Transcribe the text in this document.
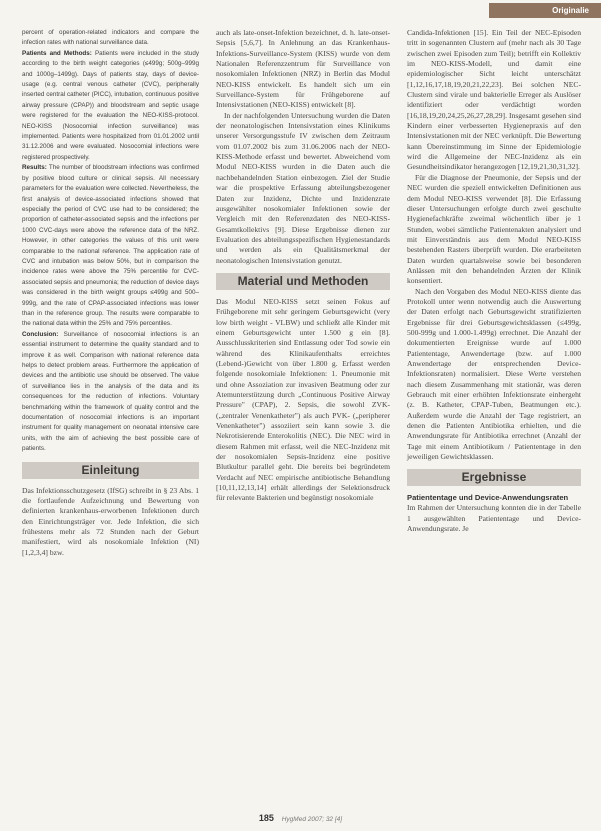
Originalie
percent of operation-related indicators and compare the infection rates with national surveillance data.
Patients and Methods: Patients were included in the study according to the birth weight categories (≤499g; 500g–999g and 1000g–1499g). Days of patients stay, days of device-usage (e.g. central venous catheter (CVC), peripherally inserted central catheter (PICC), intubation, continuous positive airway pressure (CPAP)) and bloodstream and septic usage were registered for the evaluation the NEO-KISS-protocol. NEO-KISS (Nosocomial infection surveillance) was implemented. Patients were hospitalized from 01.01.2002 until 31.12.2006 and were evaluated. Nosocomial infections were registered prospectively.
Results: The number of bloodstream infections was confirmed by positive blood culture or clinical sepsis. All necessary parameters for the evaluation were collected. Nevertheless, the first analysis of device-associated infections showed that especially the period of CVC use had to be considered; the proportion of catheter-associated sepsis and the infections per 1000 CVC-days were above the reference data of the NRZ. However, in other categories the values of this unit were comparable to the national reference. The application rate of CVC and intubation was below 50%, but in comparison the incidence rates were above the 75% percentile for CVC-associated sepsis and pneumonia; the reduction of device days was considered in the birth weight groups ≤499g and 500–999g, and the rate of CPAP-associated infections was lower than in the reference group. The results were comparable to the national data within the 25% and 75% percentiles.
Conclusion: Surveillance of nosocomial infections is an essential instrument to determine the quality standard and to improve it as well. Comparison with national reference data helps to detect problem areas. Furthermore the application of devices and the antibiotic use should be observed. The value of surveillance lies in the analysis of the data and its consequences for the reduction of infections. Voluntary benchmarking within the framework of quality control and the documentation of nosocomial infections is an important instrument for quality management on neonatal intensive care units, with the aim of achieving the best possible care of patients.
Einleitung
Das Infektionsschutzgesetz (IfSG) schreibt in § 23 Abs. 1 die fortlaufende Aufzeichnung und Bewertung von definierten krankenhaus-erworbenen Infektionen durch den Einrichtungsträger vor. Jede Infektion, die sich frühestens mehr als 72 Stunden nach der Geburt manifestiert, wird als nosokomiale Infektion (NI) [1,2,3,4] bzw.

auch als late-onset-Infektion bezeichnet, d. h. late-onset-Sepsis [5,6,7]. In Anlehnung an das Krankenhaus-Infektions-Surveillance-System (KISS) wurde von dem Nationalen Referenzzentrum für Surveillance von nosokomialen Infektionen (NRZ) in Berlin das Modul NEO-KISS entwickelt. Es handelt sich um ein Surveillance-System für Frühgeborene auf Intensivstationen (NEO-KISS) entwickelt [8].

In der nachfolgenden Untersuchung wurden die Daten der neonatologischen Intensivstation eines Klinikums unserer Versorgungsstufe IV zwischen dem Zeitraum vom 01.07.2002 bis zum 31.06.2006 nach der NEO-KISS-Methode erfasst und bewertet. Abweichend vom Modul NEO-KISS wurden in die Daten auch die nachbehandelnden Station einbezogen. Ziel der Studie war die prospektive Erfassung abteilungsbezogener Daten zur Inzidenz, Dichte und Inzidenzrate ausgewählter nosokomialer Infektionen sowie der Vergleich mit den Referenzdaten des NEO-KISS-Gesamtkollektivs [9]. Diese Ergebnisse dienen zur Evaluation des abteilungsspezifischen Hygienestandards und werden als ein Qualitätsmerkmal der neonatologischen Intensivstation genutzt.

Material und Methoden

Das Modul NEO-KISS setzt seinen Fokus auf Frühgeborene mit sehr geringem Geburtsgewicht (very low birth weight - VLBW) und schließt alle Kinder mit einem Geburtsgewicht unter 1.500 g ein [8]. Ausschlusskriterien sind Entlassung oder Tod sowie ein während des Klinikaufenthalts erreichtes (Lebend-)Gewicht von über 1.800 g. Erfasst werden folgende nosokomiale Infektionen: 1. Pneumonie mit und ohne Assoziation zur invasiven Beatmung oder zur Atemunterstützung durch „Continuous Positive Airway Pressure" (CPAP), 2. Sepsis, die sowohl ZVK- („zentraler Venenkatheter") als auch PVK- („peripherer Venenkatheter") assoziiert sein kann sowie 3. die Nekrotisierende Enterokolitis (NEC). Die NEC wird in diesem Rahmen mit erfasst, weil die NEC-Inzidenz mit der nosokomialen Sepsis-Inzidenz eine positive Blutkultur parallel geht. Die bereits bei begründetem Verdacht auf NEC empirische antibiotische Behandlung [10,11,12,13,14] erhält allerdings der Selektionsdruck für relevante Bakterien und begünstigt nosokomiale

Candida-Infektionen [15]. Ein Teil der NEC-Episoden tritt in sogenannten Clustern auf (mehr nach als 30 Tage zwischen zwei Episoden zum Teil); betrifft ein Kollektiv im NEO-KISS-Modell, und damit eine epidemiologischer Sicht leicht unterschätzt [1,12,16,17,18,19,20,21,22,23]. Bei solchen NEC-Clustern sind virale und bakterielle Erreger als Auslöser identifiziert oder verdächtigt worden [16,18,19,20,24,25,26,27,28,29]. Insgesamt gesehen sind Kindern einer verbesserten Hygienepraxis auf den Intensivstationen mit der NEC verknüpft. Die Bewertung kann Übereinstimmung im Sinne der Epidemiologie wird die Allgemeine der NEC-Inzidenz als ein Gesundheitsindikator herangezogen [12,19,21,30,31,32].

Für die Diagnose der Pneumonie, der Sepsis und der NEC wurden die speziell entwickelten Definitionen aus dem Modul NEO-KISS verwendet [8]. Die Erfassung dieser Untersuchungen erfolgte durch zwei geschulte Hygienefachkräfte zweimal wöchentlich über je 1 Stunden, wobei sämtliche Patientenakten analysiert und mit Einverständnis aus dem Modul NEO-KISS bestehenden Rasters überprüft wurden. Die erarbeiteten Daten wurden quartalsweise sowie bei besonderen Anlässen mit den behandelnden Ärzten der Klinik konsentiert.

Nach den Vorgaben des Modul NEO-KISS diente das Protokoll unter wenn notwendig auch die Auswertung der Daten erfolgt nach Geburtsgewicht stratifizierten Ergebnisse für drei Geburtsgewichtsklassen (≤499g, 500-999g und 1.000-1.499g) errechnet. Die Anzahl der dokumentierten Ereignisse wurde auf 1.000 Patiententage, Anwendertage (bzw. auf 1.000 Anwendertage der entsprechenden Device-Infektionsraten) normalisiert. Diese Werte verstehen nach diesem Zusammenhang mit stationär, was deren Gebrauch mit einer erhöhten Infektionsrate einhergeht (z. B. Katheter, CPAP-Tuben, Beatmungen etc.). Außerdem wurde die Anzahl der Tage registriert, an denen die Patienten Antibiotika erhielten, und die Anwendungsrate für Antibiotika errechnet (Anzahl der Tage mit einem Antibiotikum / Patiententage in den jeweiligen Gewichtsklassen.

Ergebnisse
Patiententage und Device-Anwendungsraten

Im Rahmen der Untersuchung konnten die in der Tabelle 1 ausgewählten Patiententage und Device-Anwendungsrate. Je

185 HygMed 2007; 32 [4]
